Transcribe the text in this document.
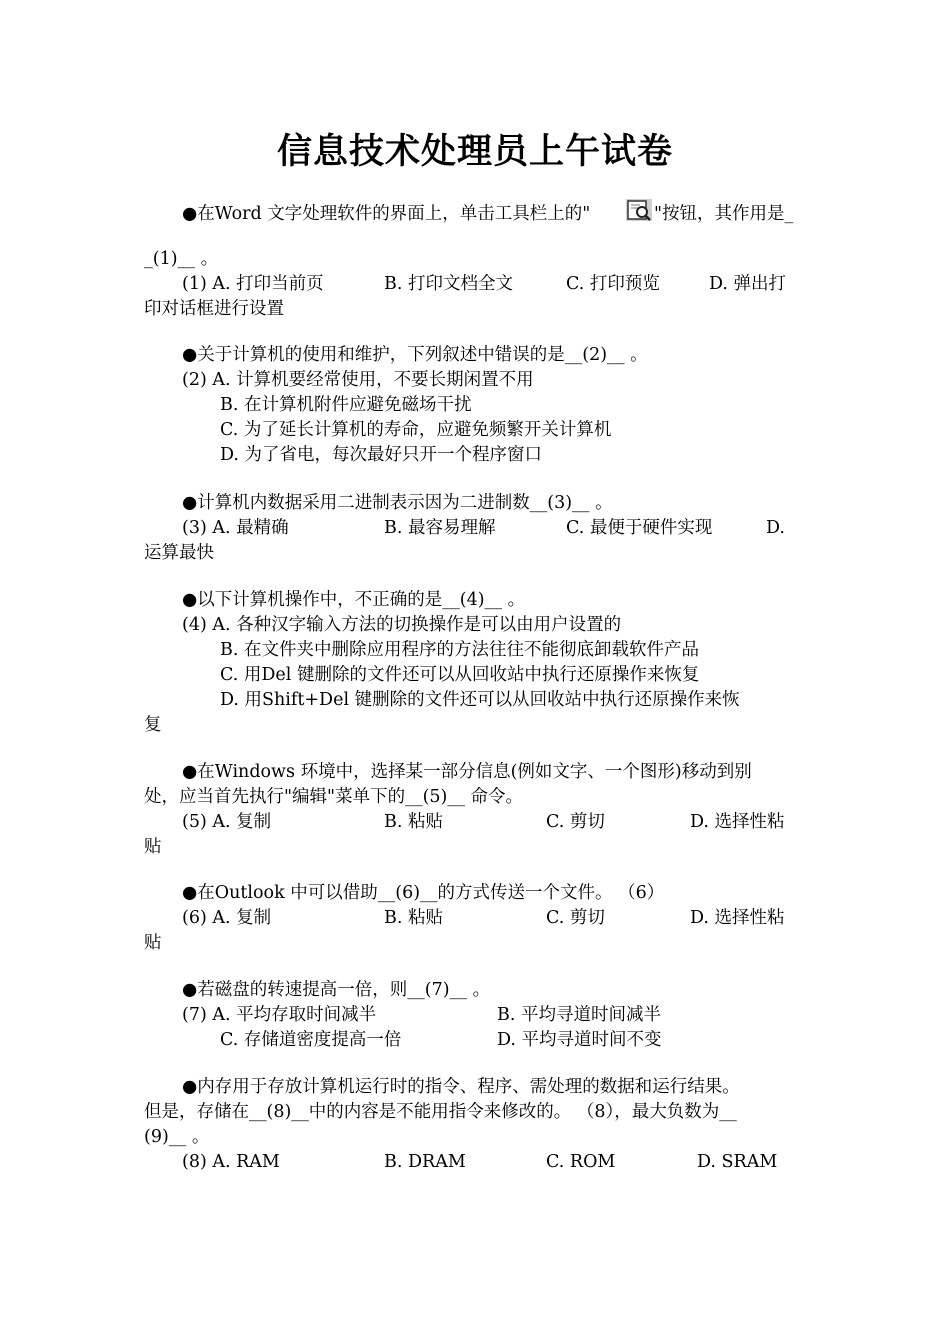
信息技术处理员上午试卷
●在Word 文字处理软件的界面上，单击工具栏上的"	"按钮，其作用是_
_(1)__ 。
(1) A. 打印当前页	B. 打印文档全文	C. 打印预览	D. 弹出打
印对话框进行设置
●关于计算机的使用和维护，下列叙述中错误的是__(2)__ 。
(2) A. 计算机要经常使用，不要长期闲置不用
B. 在计算机附件应避免磁场干扰
C. 为了延长计算机的寿命，应避免频繁开关计算机
D. 为了省电，每次最好只开一个程序窗口
●计算机内数据采用二进制表示因为二进制数__(3)__ 。
(3) A. 最精确	B. 最容易理解	C. 最便于硬件实现	D.
运算最快
●以下计算机操作中，不正确的是__(4)__ 。
(4) A. 各种汉字输入方法的切换操作是可以由用户设置的
B. 在文件夹中删除应用程序的方法往往不能彻底卸载软件产品
C. 用Del 键删除的文件还可以从回收站中执行还原操作来恢复
D. 用Shift+Del 键删除的文件还可以从回收站中执行还原操作来恢
复
●在Windows 环境中，选择某一部分信息(例如文字、一个图形)移动到别
处，应当首先执行"编辑"菜单下的__(5)__ 命令。
(5) A. 复制	B. 粘贴	C. 剪切	D. 选择性粘
贴
●在Outlook 中可以借助__(6)__的方式传送一个文件。 （6）
(6) A. 复制	B. 粘贴	C. 剪切	D. 选择性粘
贴
●若磁盘的转速提高一倍，则__(7)__ 。
(7) A. 平均存取时间减半	B. 平均寻道时间减半
C. 存储道密度提高一倍	D. 平均寻道时间不变
●内存用于存放计算机运行时的指令、程序、需处理的数据和运行结果。
但是，存储在__(8)__中的内容是不能用指令来修改的。 （8），最大负数为__
(9)__ 。
(8) A. RAM	B. DRAM	C. ROM	D. SRAM
